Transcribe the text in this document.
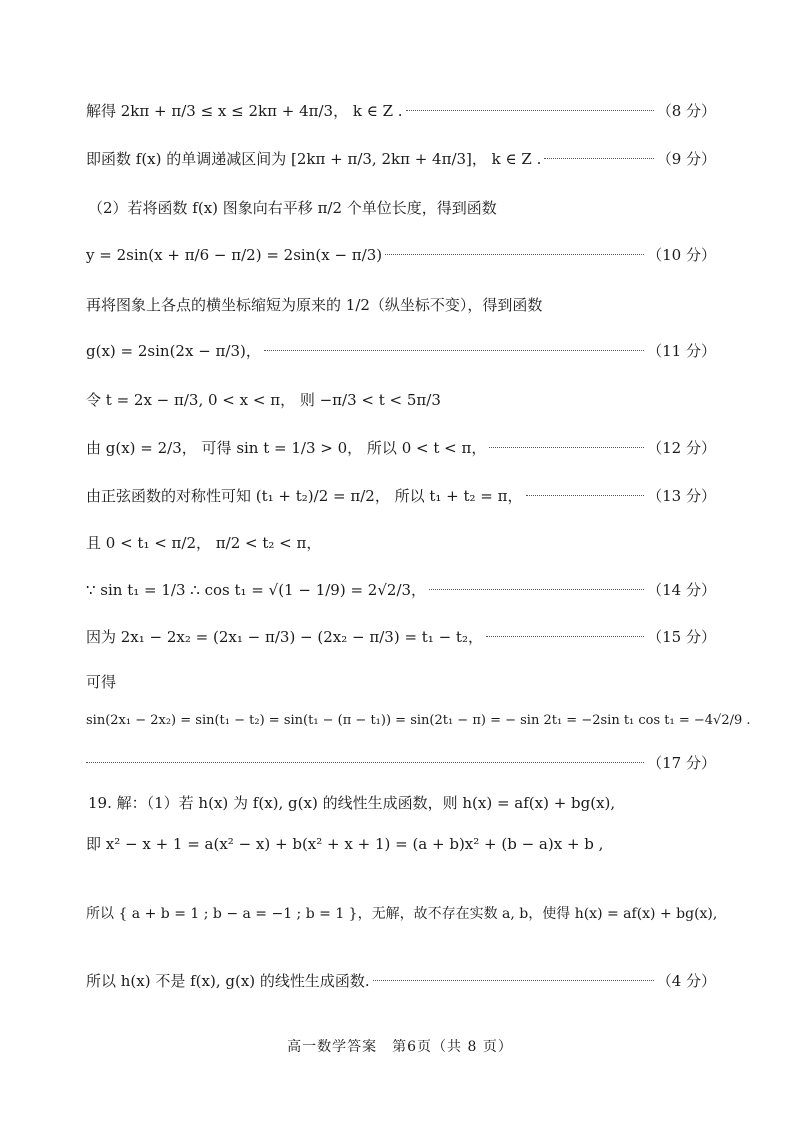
解得 2kπ + π/3 ≤ x ≤ 2kπ + 4π/3， k ∈ Z .	（8 分）
即函数 f(x) 的单调递减区间为 [2kπ + π/3, 2kπ + 4π/3]， k ∈ Z .	（9 分）
（2）若将函数 f(x) 图象向右平移 π/2 个单位长度，得到函数
y = 2sin(x + π/6 − π/2) = 2sin(x − π/3)	（10 分）
再将图象上各点的横坐标缩短为原来的 1/2（纵坐标不变），得到函数
g(x) = 2sin(2x − π/3)，	（11 分）
令 t = 2x − π/3, 0 < x < π， 则 −π/3 < t < 5π/3
由 g(x) = 2/3， 可得 sin t = 1/3 > 0， 所以 0 < t < π，	（12 分）
由正弦函数的对称性可知 (t₁ + t₂)/2 = π/2， 所以 t₁ + t₂ = π，	（13 分）
且 0 < t₁ < π/2， π/2 < t₂ < π，
∵ sin t₁ = 1/3 ∴ cos t₁ = √(1 − 1/9) = 2√2/3，	（14 分）
因为 2x₁ − 2x₂ = (2x₁ − π/3) − (2x₂ − π/3) = t₁ − t₂，	（15 分）
可得
sin(2x₁ − 2x₂) = sin(t₁ − t₂) = sin(t₁ − (π − t₁)) = sin(2t₁ − π) = − sin 2t₁ = −2sin t₁ cos t₁ = −4√2/9 .
（17 分）
19. 解：（1）若 h(x) 为 f(x), g(x) 的线性生成函数，则 h(x) = af(x) + bg(x),
即 x² − x + 1 = a(x² − x) + b(x² + x + 1) = (a + b)x² + (b − a)x + b ,
所以 { a + b = 1 ; b − a = −1 ; b = 1 }，无解，故不存在实数 a, b，使得 h(x) = af(x) + bg(x),
所以 h(x) 不是 f(x), g(x) 的线性生成函数.	（4 分）
高一数学答案　第6页（共 8 页）
